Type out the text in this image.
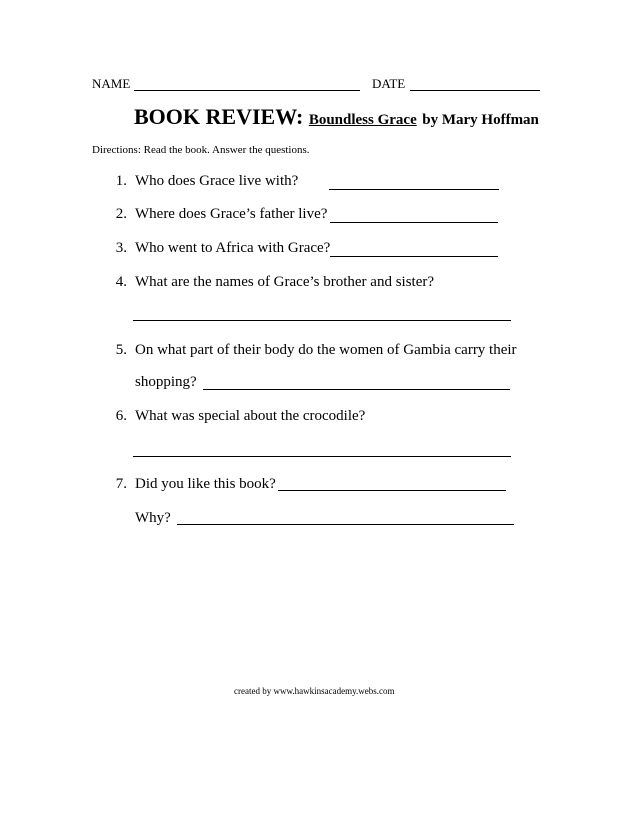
NAME	DATE
BOOK REVIEW: Boundless Grace by Mary Hoffman
Directions: Read the book. Answer the questions.
1. Who does Grace live with?
2. Where does Grace’s father live?
3. Who went to Africa with Grace?
4. What are the names of Grace’s brother and sister?
5. On what part of their body do the women of Gambia carry their
shopping?
6. What was special about the crocodile?
7. Did you like this book?
Why?
created by www.hawkinsacademy.webs.com
